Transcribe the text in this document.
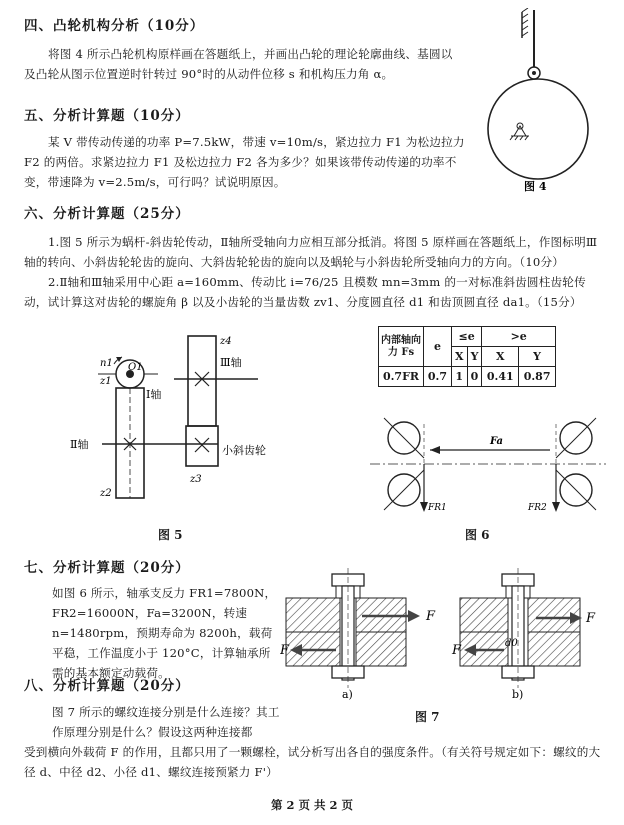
四、凸轮机构分析（10分）
将图 4 所示凸轮机构原样画在答题纸上，并画出凸轮的理论轮廓曲线、基圆以及凸轮从图示位置逆时针转过 90°时的从动件位移 s 和机构压力角 α。
图 4
五、分析计算题（10分）
某 V 带传动传递的功率 P=7.5kW，带速 v=10m/s，紧边拉力 F1 为松边拉力 F2 的两倍。求紧边拉力 F1 及松边拉力 F2 各为多少？如果该带传动传递的功率不变，带速降为 v=2.5m/s，可行吗？试说明原因。
六、分析计算题（25分）
1.图 5 所示为蜗杆-斜齿轮传动，Ⅱ轴所受轴向力应相互部分抵消。将图 5 原样画在答题纸上，作图标明Ⅲ轴的转向、小斜齿轮轮齿的旋向、大斜齿轮轮齿的旋向以及蜗轮与小斜齿轮所受轴向力的方向。（10分）
2.Ⅱ轴和Ⅲ轴采用中心距 a=160mm、传动比 i=76/25 且模数 mn=3mm 的一对标准斜齿圆柱齿轮传动，试计算这对齿轮的螺旋角 β 以及小齿轮的当量齿数 zv1、分度圆直径 d1 和齿顶圆直径 da1。（15分）
n1 O1
z1
Ⅰ轴
z4
Ⅲ轴
Ⅱ轴
z2
小斜齿轮
z3
图 5
内部轴向力 Fs	e	≤e		>e	
		X	Y	X	Y
0.7FR	0.7	1	0	0.41	0.87
Fa
FR1	FR2
图 6
七、分析计算题（20分）
如图 6 所示，轴承支反力 FR1=7800N，FR2=16000N，Fa=3200N，转速 n=1480rpm，预期寿命为 8200h，载荷平稳，工作温度小于 120°C，计算轴承所需的基本额定动载荷。
八、分析计算题（20分）
图 7 所示的螺纹连接分别是什么连接？其工作原理分别是什么？假设这两种连接都
受到横向外载荷 F 的作用，且都只用了一颗螺栓，试分析写出各自的强度条件。（有关符号规定如下：螺纹的大径 d、中径 d2、小径 d1、螺纹连接预紧力 F'）
F
F
a)
d0
F
F
b)
图 7
第 2 页 共 2 页
